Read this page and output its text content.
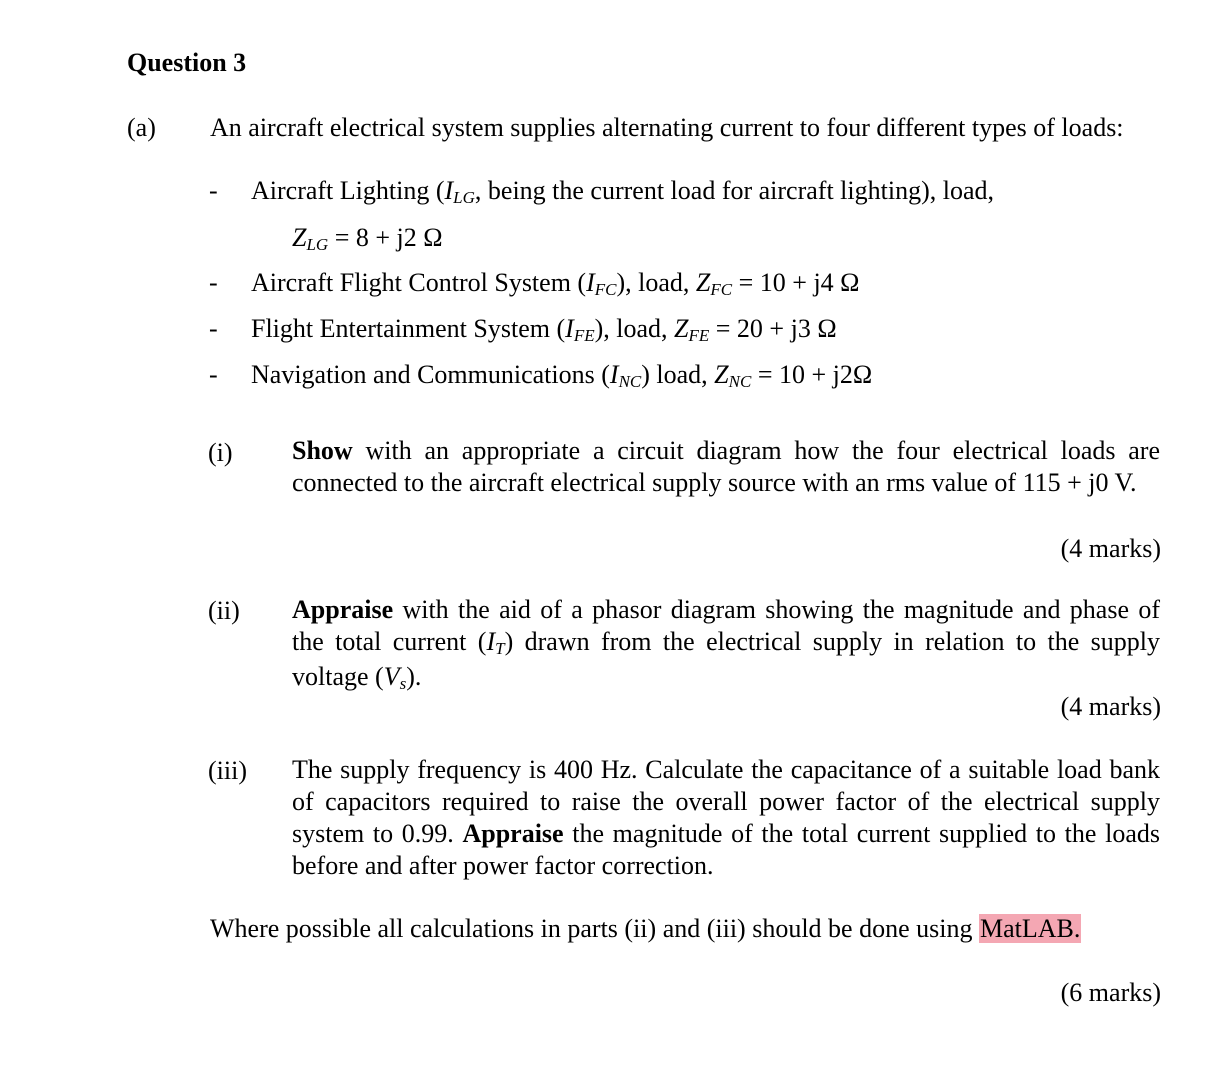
Question 3
(a) An aircraft electrical system supplies alternating current to four different types of loads:
- Aircraft Lighting ($I_{LG}$, being the current load for aircraft lighting), load,
$Z_{LG} = 8 + j2$ Ω
- Aircraft Flight Control System $(I_{FC})$, load, $Z_{FC} = 10 + j4$ Ω
- Flight Entertainment System $(I_{FE})$, load, $Z_{FE} = 20 + j3$ Ω
- Navigation and Communications $(I_{NC})$ load, $Z_{NC} = 10 + j2\Omega$
(i) Show with an appropriate a circuit diagram how the four electrical loads are connected to the aircraft electrical supply source with an rms value of 115 + j0 V.
(4 marks)
(ii) Appraise with the aid of a phasor diagram showing the magnitude and phase of the total current $(I_T)$ drawn from the electrical supply in relation to the supply voltage $(V_s)$.
(4 marks)
(iii) The supply frequency is 400 Hz. Calculate the capacitance of a suitable load bank of capacitors required to raise the overall power factor of the electrical supply system to 0.99. Appraise the magnitude of the total current supplied to the loads before and after power factor correction.
Where possible all calculations in parts (ii) and (iii) should be done using MatLAB.
(6 marks)
